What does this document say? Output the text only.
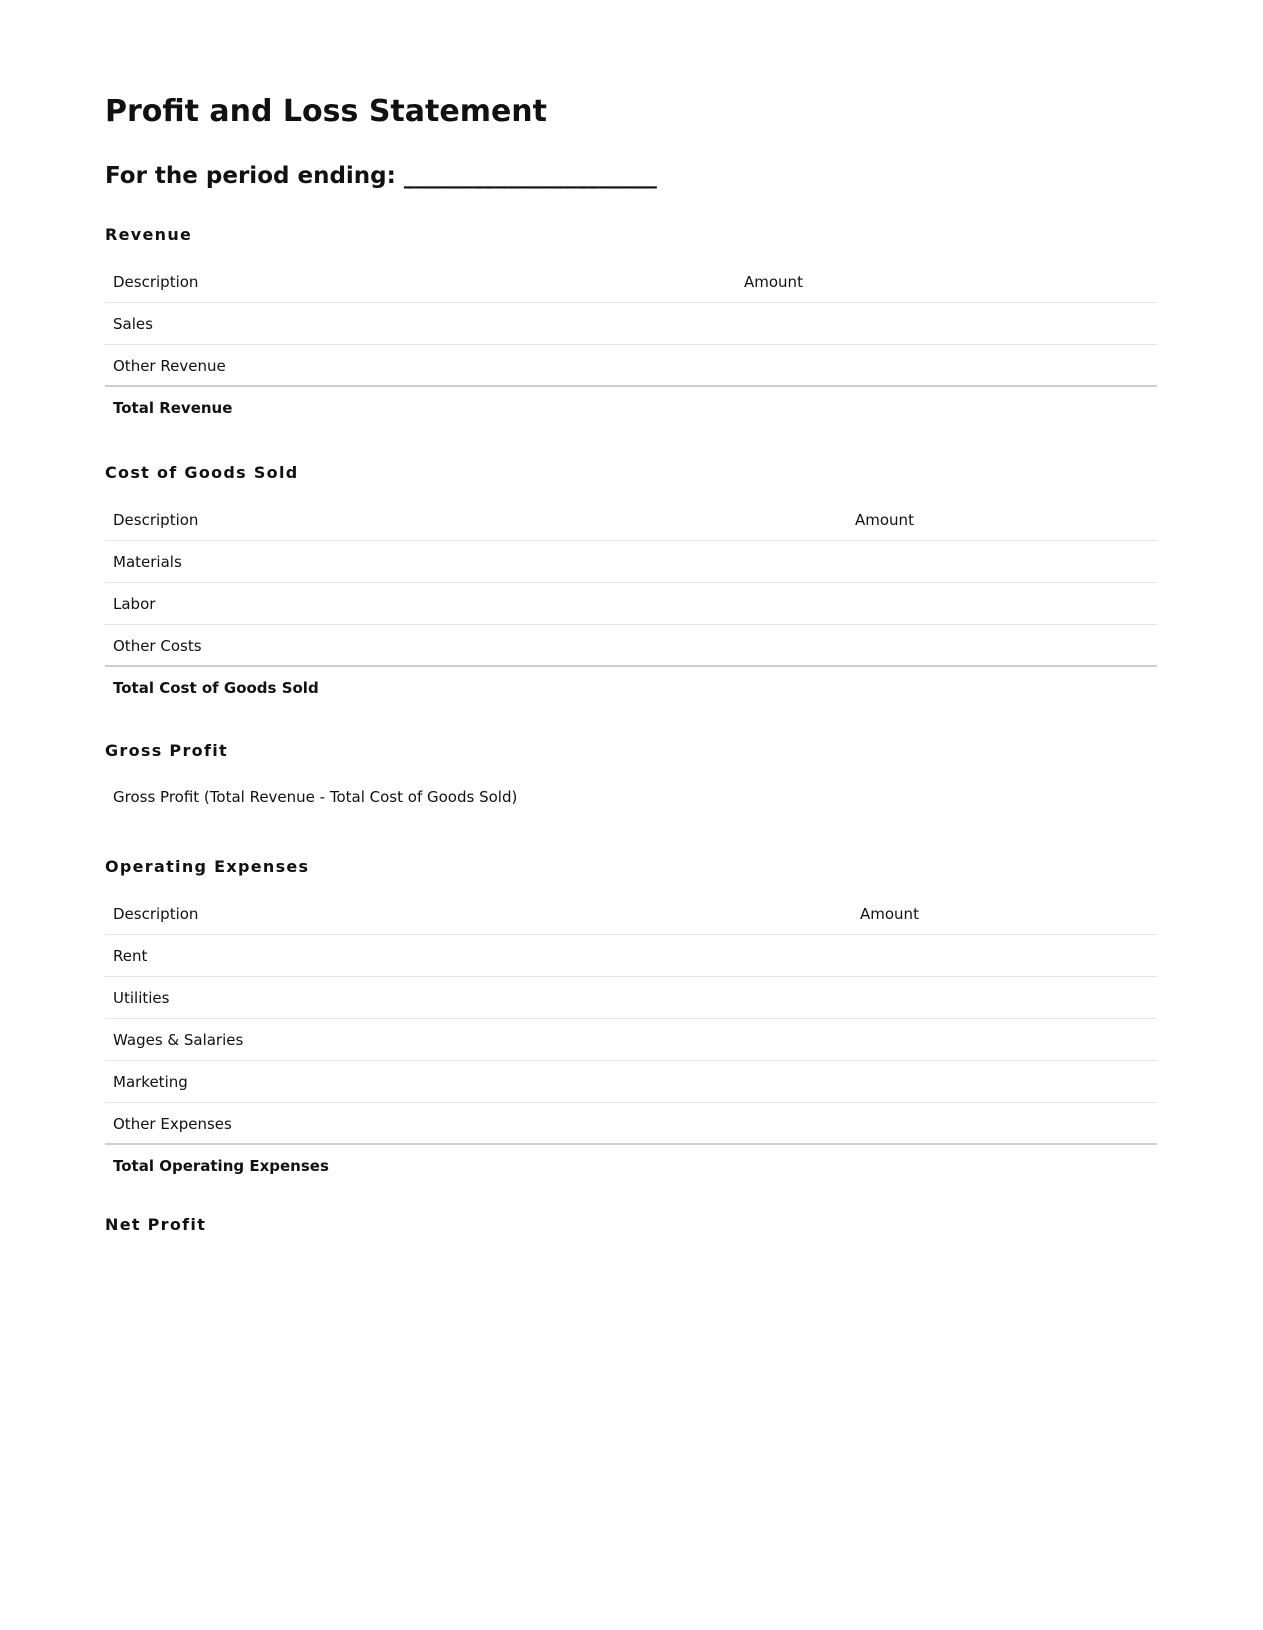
Profit and Loss Statement
For the period ending: ______________________
Revenue
Description	Amount
Sales
Other Revenue
Total Revenue
Cost of Goods Sold
Description	Amount
Materials
Labor
Other Costs
Total Cost of Goods Sold
Gross Profit
Gross Profit (Total Revenue - Total Cost of Goods Sold)
Operating Expenses
Description	Amount
Rent
Utilities
Wages & Salaries
Marketing
Other Expenses
Total Operating Expenses
Net Profit
